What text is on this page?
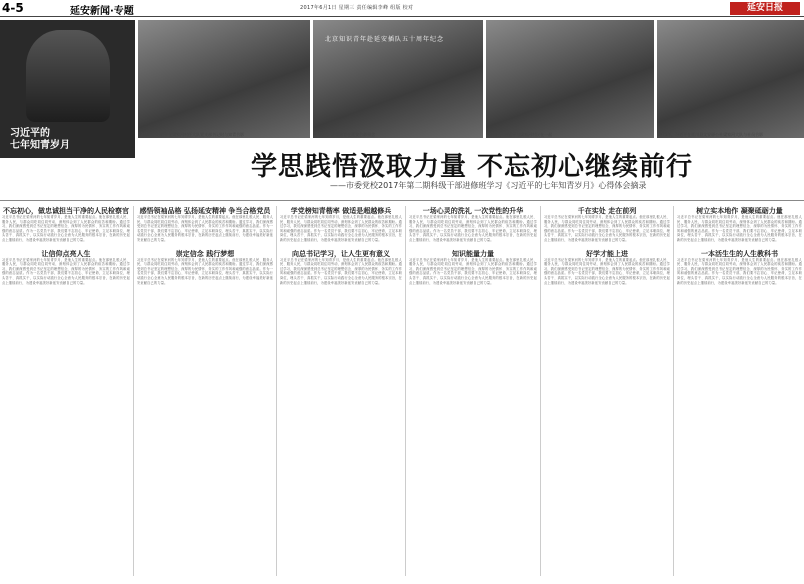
4-5	延安新闻·专题	2017年6月1日 星期三 责任编辑李峰 组版 校对	延安日报
习近平的
七年知青岁月
1975年，习近平在梁家河村任大队党支部书记时与知青合影
北京知识青年赴延安插队五十周年纪念
1973年，北京知青在延安合影留念	1977年，习近平与梁家河村民在一起	1975年，习近平在延川县文安驿公社梁家河大队与社员合影
学思践悟汲取力量 不忘初心继续前行
——市委党校2017年第二期科级干部进修班学习《习近平的七年知青岁月》心得体会摘录
不忘初心，做忠诚担当干净的人民检察官
习近平总书记在梁家河的七年知青岁月，是他人生的重要起点。他在那里扎根人民、服务人民，与群众同吃同住同劳动，深刻体会到了人民群众的疾苦和期盼。通过学习，我们深深感受到总书记坚定的理想信念、深厚的为民情怀、务实的工作作风和顽强的意志品质。作为一名党员干部，我们要不忘初心、牢记使命，立足本职岗位，埋头苦干、真抓实干，以实际行动践行全心全意为人民服务的根本宗旨，在新的历史起点上继续前行，为建设幸福美好新延安贡献自己的力量。
让信仰点亮人生
习近平总书记在梁家河的七年知青岁月，是他人生的重要起点。他在那里扎根人民、服务人民，与群众同吃同住同劳动，深刻体会到了人民群众的疾苦和期盼。通过学习，我们深深感受到总书记坚定的理想信念、深厚的为民情怀、务实的工作作风和顽强的意志品质。作为一名党员干部，我们要不忘初心、牢记使命，立足本职岗位，埋头苦干、真抓实干，以实际行动践行全心全意为人民服务的根本宗旨，在新的历史起点上继续前行，为建设幸福美好新延安贡献自己的力量。
感悟领袖品格 弘扬延安精神 争当合格党员
习近平总书记在梁家河的七年知青岁月，是他人生的重要起点。他在那里扎根人民、服务人民，与群众同吃同住同劳动，深刻体会到了人民群众的疾苦和期盼。通过学习，我们深深感受到总书记坚定的理想信念、深厚的为民情怀、务实的工作作风和顽强的意志品质。作为一名党员干部，我们要不忘初心、牢记使命，立足本职岗位，埋头苦干、真抓实干，以实际行动践行全心全意为人民服务的根本宗旨，在新的历史起点上继续前行，为建设幸福美好新延安贡献自己的力量。
崇定信念 践行梦想
习近平总书记在梁家河的七年知青岁月，是他人生的重要起点。他在那里扎根人民、服务人民，与群众同吃同住同劳动，深刻体会到了人民群众的疾苦和期盼。通过学习，我们深深感受到总书记坚定的理想信念、深厚的为民情怀、务实的工作作风和顽强的意志品质。作为一名党员干部，我们要不忘初心、牢记使命，立足本职岗位，埋头苦干、真抓实干，以实际行动践行全心全意为人民服务的根本宗旨，在新的历史起点上继续前行，为建设幸福美好新延安贡献自己的力量。
学党榜知青楷率 做适是超越修兵
习近平总书记在梁家河的七年知青岁月，是他人生的重要起点。他在那里扎根人民、服务人民，与群众同吃同住同劳动，深刻体会到了人民群众的疾苦和期盼。通过学习，我们深深感受到总书记坚定的理想信念、深厚的为民情怀、务实的工作作风和顽强的意志品质。作为一名党员干部，我们要不忘初心、牢记使命，立足本职岗位，埋头苦干、真抓实干，以实际行动践行全心全意为人民服务的根本宗旨，在新的历史起点上继续前行，为建设幸福美好新延安贡献自己的力量。
向总书记学习，让人生更有意义
习近平总书记在梁家河的七年知青岁月，是他人生的重要起点。他在那里扎根人民、服务人民，与群众同吃同住同劳动，深刻体会到了人民群众的疾苦和期盼。通过学习，我们深深感受到总书记坚定的理想信念、深厚的为民情怀、务实的工作作风和顽强的意志品质。作为一名党员干部，我们要不忘初心、牢记使命，立足本职岗位，埋头苦干、真抓实干，以实际行动践行全心全意为人民服务的根本宗旨，在新的历史起点上继续前行，为建设幸福美好新延安贡献自己的力量。
一场心灵的洗礼 一次党性的升华
习近平总书记在梁家河的七年知青岁月，是他人生的重要起点。他在那里扎根人民、服务人民，与群众同吃同住同劳动，深刻体会到了人民群众的疾苦和期盼。通过学习，我们深深感受到总书记坚定的理想信念、深厚的为民情怀、务实的工作作风和顽强的意志品质。作为一名党员干部，我们要不忘初心、牢记使命，立足本职岗位，埋头苦干、真抓实干，以实际行动践行全心全意为人民服务的根本宗旨，在新的历史起点上继续前行，为建设幸福美好新延安贡献自己的力量。
知识能量力量
习近平总书记在梁家河的七年知青岁月，是他人生的重要起点。他在那里扎根人民、服务人民，与群众同吃同住同劳动，深刻体会到了人民群众的疾苦和期盼。通过学习，我们深深感受到总书记坚定的理想信念、深厚的为民情怀、务实的工作作风和顽强的意志品质。作为一名党员干部，我们要不忘初心、牢记使命，立足本职岗位，埋头苦干、真抓实干，以实际行动践行全心全意为人民服务的根本宗旨，在新的历史起点上继续前行，为建设幸福美好新延安贡献自己的力量。
千在实处 走在前列
习近平总书记在梁家河的七年知青岁月，是他人生的重要起点。他在那里扎根人民、服务人民，与群众同吃同住同劳动，深刻体会到了人民群众的疾苦和期盼。通过学习，我们深深感受到总书记坚定的理想信念、深厚的为民情怀、务实的工作作风和顽强的意志品质。作为一名党员干部，我们要不忘初心、牢记使命，立足本职岗位，埋头苦干、真抓实干，以实际行动践行全心全意为人民服务的根本宗旨，在新的历史起点上继续前行，为建设幸福美好新延安贡献自己的力量。
好学才能上进
习近平总书记在梁家河的七年知青岁月，是他人生的重要起点。他在那里扎根人民、服务人民，与群众同吃同住同劳动，深刻体会到了人民群众的疾苦和期盼。通过学习，我们深深感受到总书记坚定的理想信念、深厚的为民情怀、务实的工作作风和顽强的意志品质。作为一名党员干部，我们要不忘初心、牢记使命，立足本职岗位，埋头苦干、真抓实干，以实际行动践行全心全意为人民服务的根本宗旨，在新的历史起点上继续前行，为建设幸福美好新延安贡献自己的力量。
树立实本地作 凝聚砥砺力量
习近平总书记在梁家河的七年知青岁月，是他人生的重要起点。他在那里扎根人民、服务人民，与群众同吃同住同劳动，深刻体会到了人民群众的疾苦和期盼。通过学习，我们深深感受到总书记坚定的理想信念、深厚的为民情怀、务实的工作作风和顽强的意志品质。作为一名党员干部，我们要不忘初心、牢记使命，立足本职岗位，埋头苦干、真抓实干，以实际行动践行全心全意为人民服务的根本宗旨，在新的历史起点上继续前行，为建设幸福美好新延安贡献自己的力量。
一本活生生的人生教科书
习近平总书记在梁家河的七年知青岁月，是他人生的重要起点。他在那里扎根人民、服务人民，与群众同吃同住同劳动，深刻体会到了人民群众的疾苦和期盼。通过学习，我们深深感受到总书记坚定的理想信念、深厚的为民情怀、务实的工作作风和顽强的意志品质。作为一名党员干部，我们要不忘初心、牢记使命，立足本职岗位，埋头苦干、真抓实干，以实际行动践行全心全意为人民服务的根本宗旨，在新的历史起点上继续前行，为建设幸福美好新延安贡献自己的力量。
